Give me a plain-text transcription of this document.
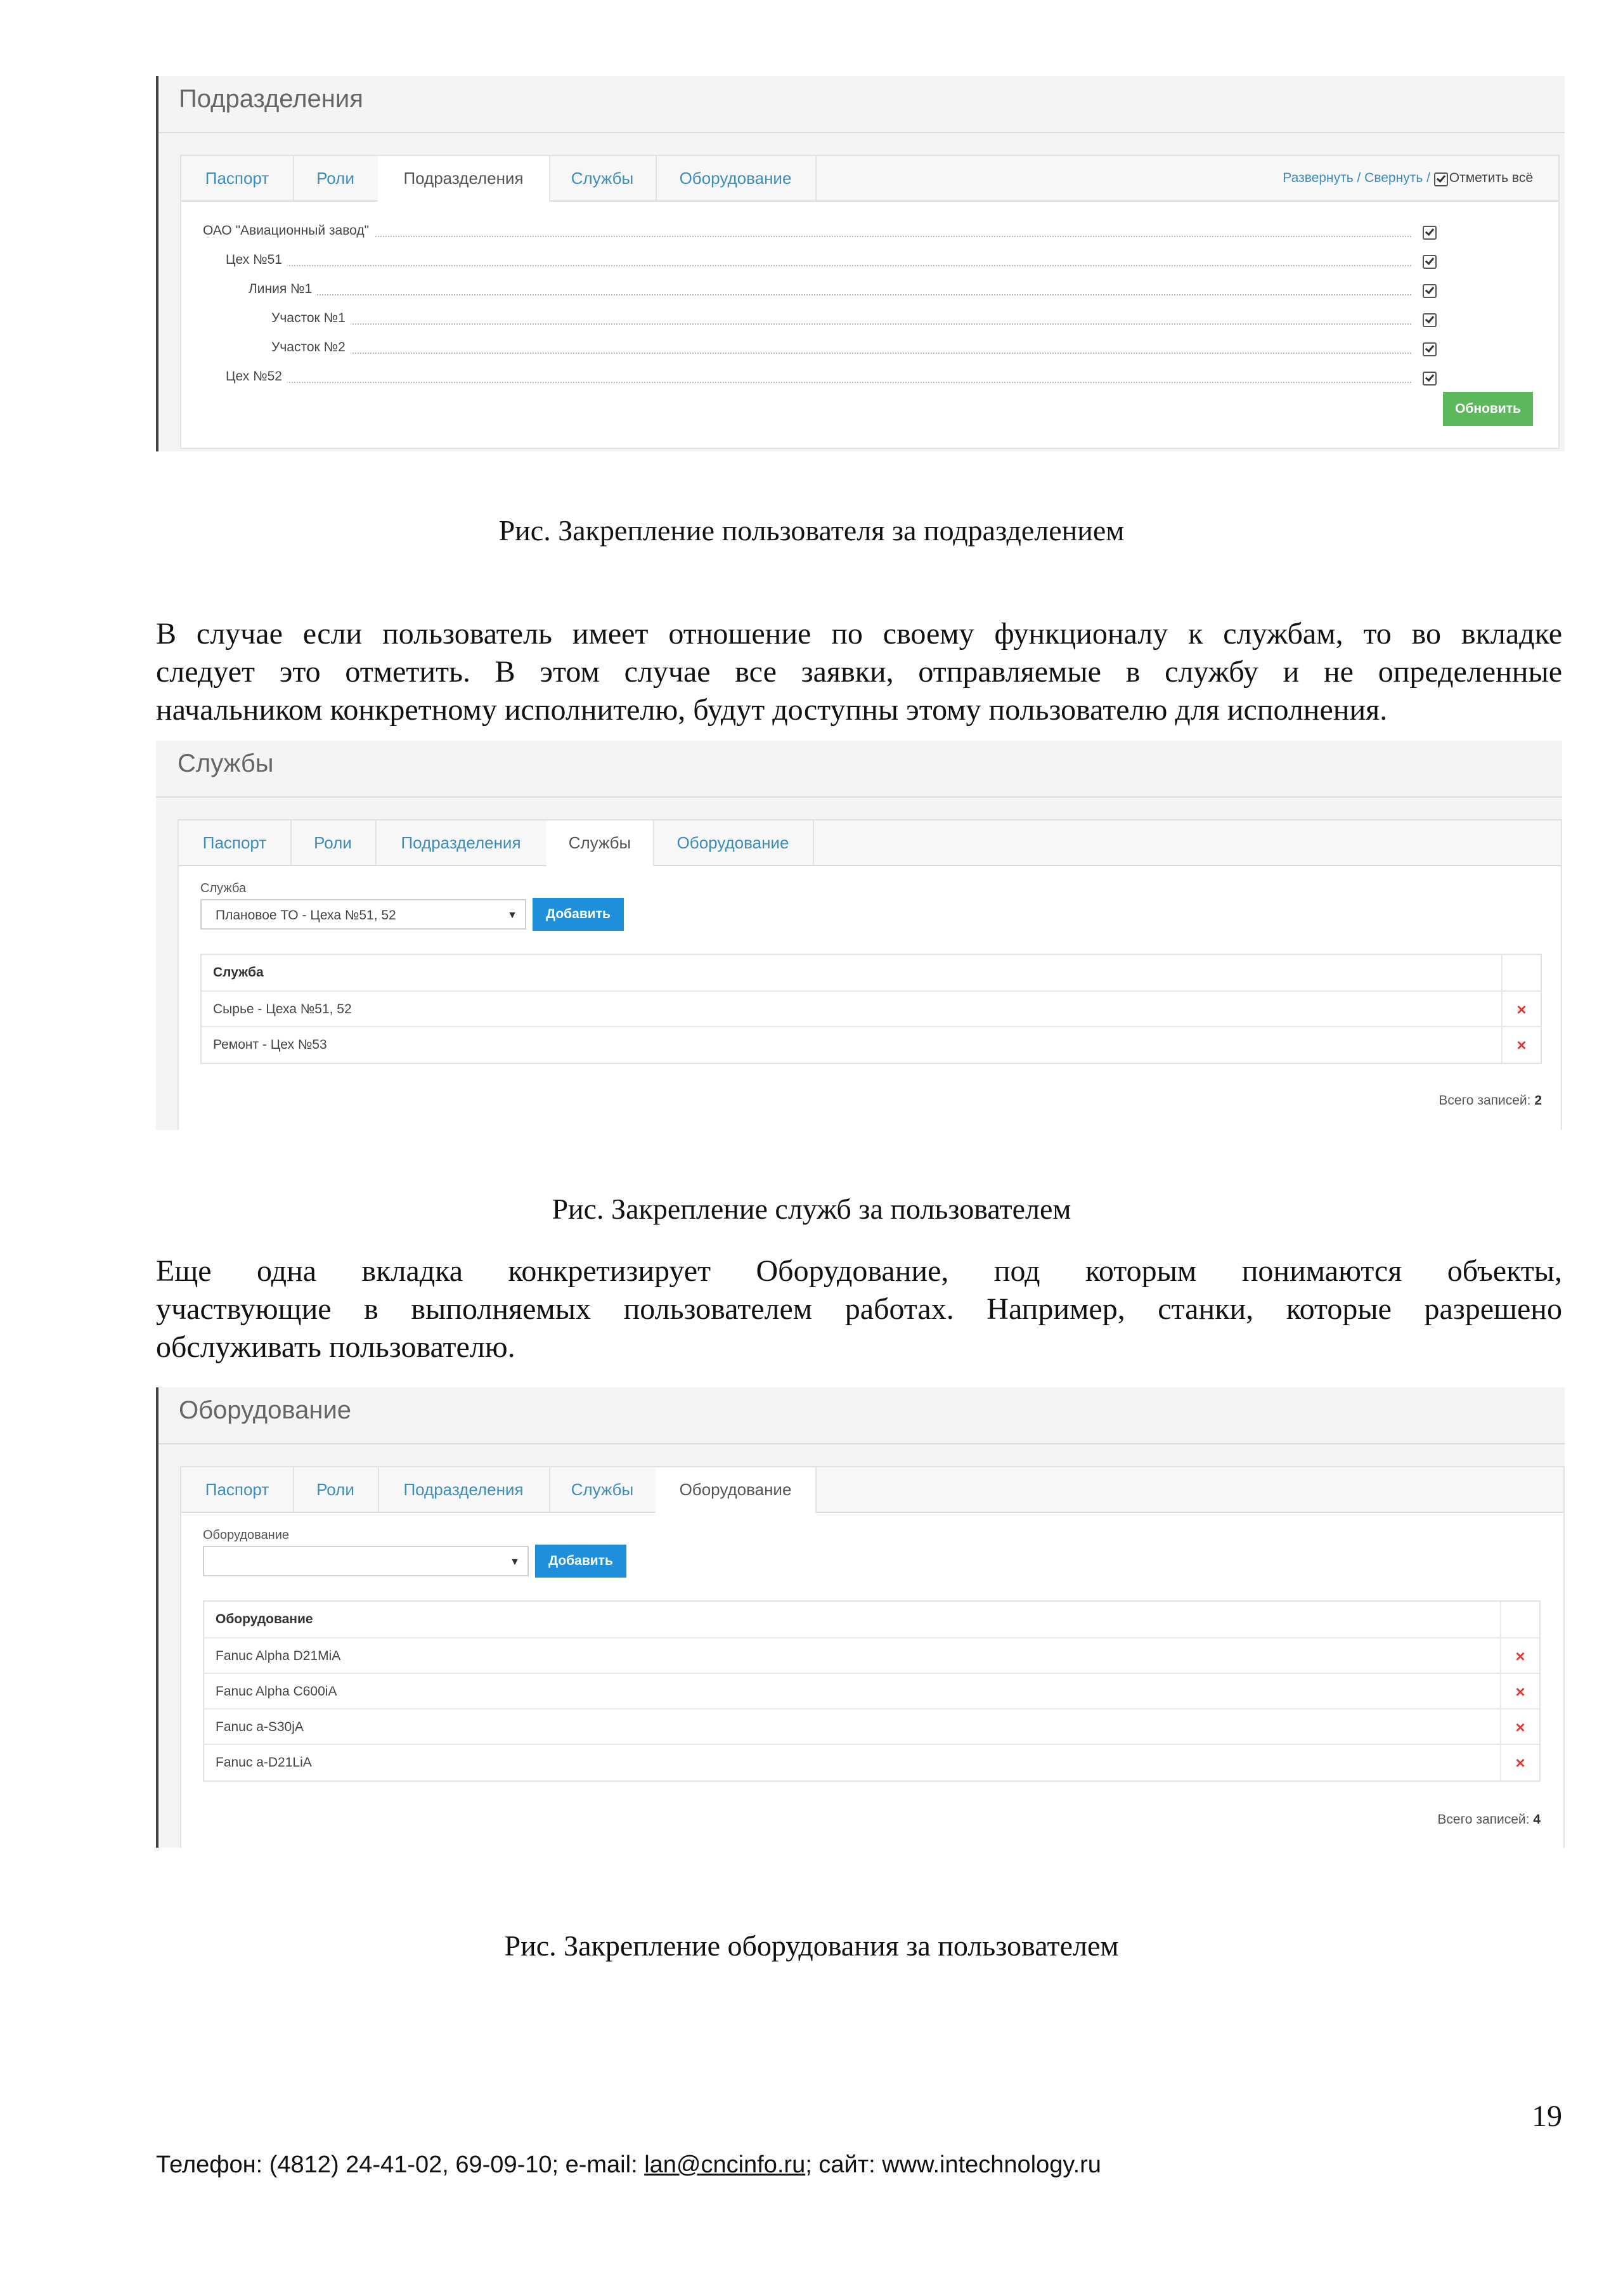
Подразделения
Паспорт	Роли	Подразделения	Службы	Оборудование	Развернуть / Свернуть /
Отметить всё
ОАО "Авиационный завод"
Цех №51
Линия №1
Участок №1
Участок №2
Цех №52
Обновить
Рис. Закрепление пользователя за подразделением
В случае если пользователь имеет отношение по своему функционалу к службам, то во вкладке
следует это отметить. В этом случае все заявки, отправляемые в службу и не определенные
начальником конкретному исполнителю, будут доступны этому пользователю для исполнения.
Службы
Паспорт	Роли	Подразделения	Службы	Оборудование
Служба
Плановое ТО - Цеха №51, 52	▼	Добавить
Служба
Сырье - Цеха №51, 52	×
Ремонт - Цех №53	×
Всего записей: 2
Рис. Закрепление служб за пользователем
Еще одна вкладка конкретизирует Оборудование, под которым понимаются объекты,
участвующие в выполняемых пользователем работах. Например, станки, которые разрешено
обслуживать пользователю.
Оборудование
Паспорт	Роли	Подразделения	Службы	Оборудование
Оборудование
▼	Добавить
Оборудование
Fanuc Alpha D21MiA	×
Fanuc Alpha C600iA	×
Fanuc a-S30jA	×
Fanuc a-D21LiA	×
Всего записей: 4
Рис. Закрепление оборудования за пользователем
19
Телефон: (4812) 24-41-02, 69-09-10; e-mail: lan@cncinfo.ru; сайт: www.intechnology.ru
